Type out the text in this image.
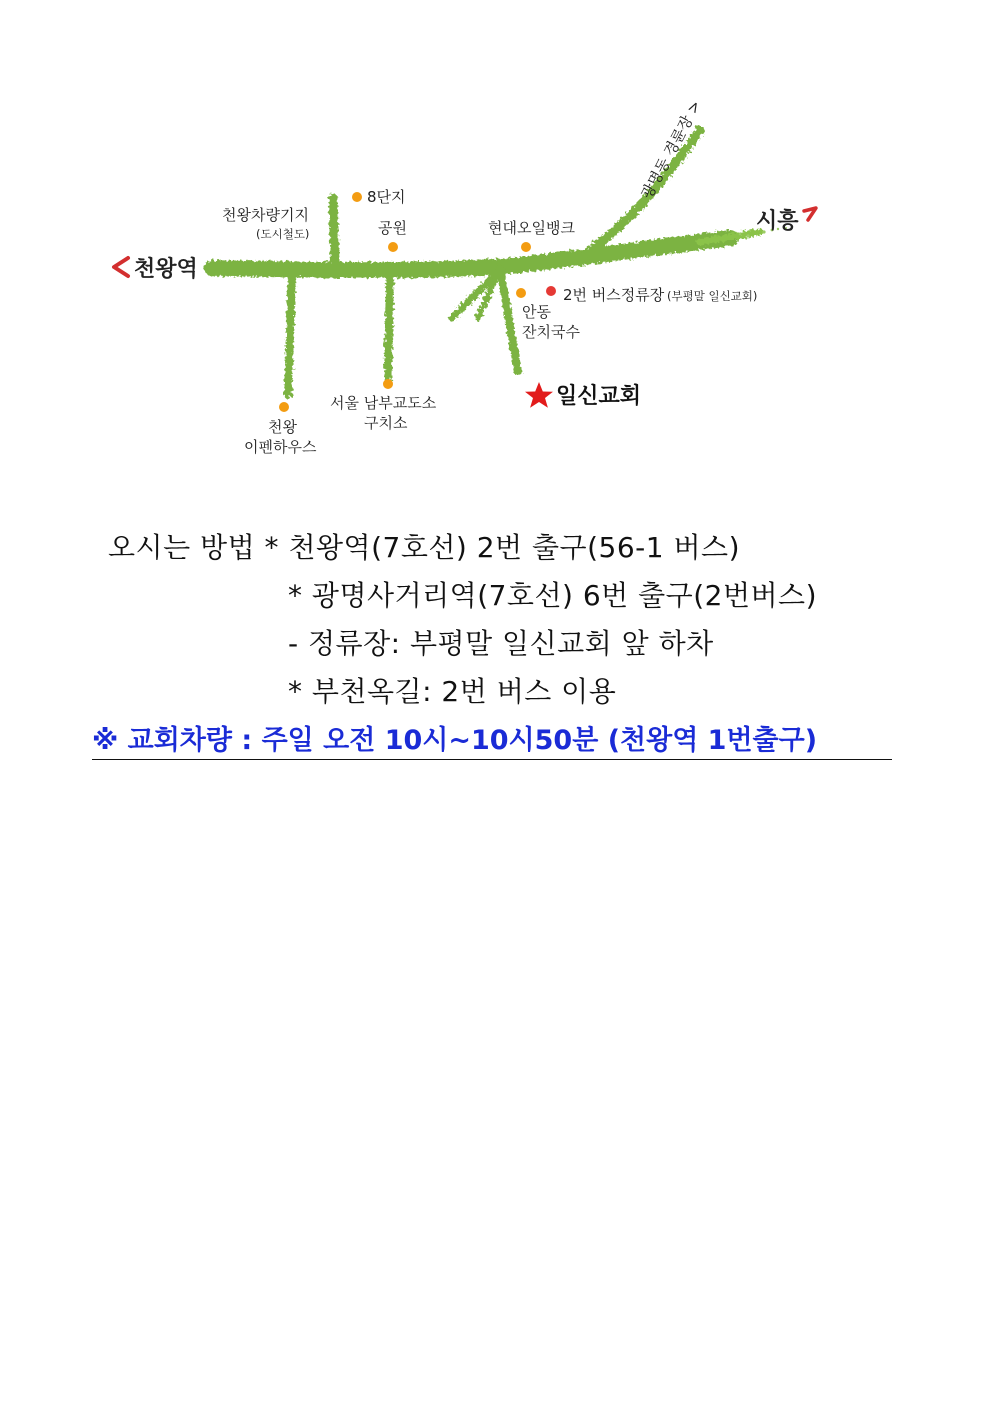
천왕역
시흥
광명동 경륜장 >
천왕차량기지
(도시철도)
8단지
공원	현대오일뱅크
2번 버스정류장 (부평말 일신교회)
안동
잔치국수
일신교회
서울 남부교도소
구치소
천왕
이펜하우스
오시는 방법 * 천왕역(7호선) 2번 출구(56-1 버스)
* 광명사거리역(7호선) 6번 출구(2번버스)
- 정류장: 부평말 일신교회 앞 하차
* 부천옥길: 2번 버스 이용
※ 교회차량 : 주일 오전 10시~10시50분 (천왕역 1번출구)
